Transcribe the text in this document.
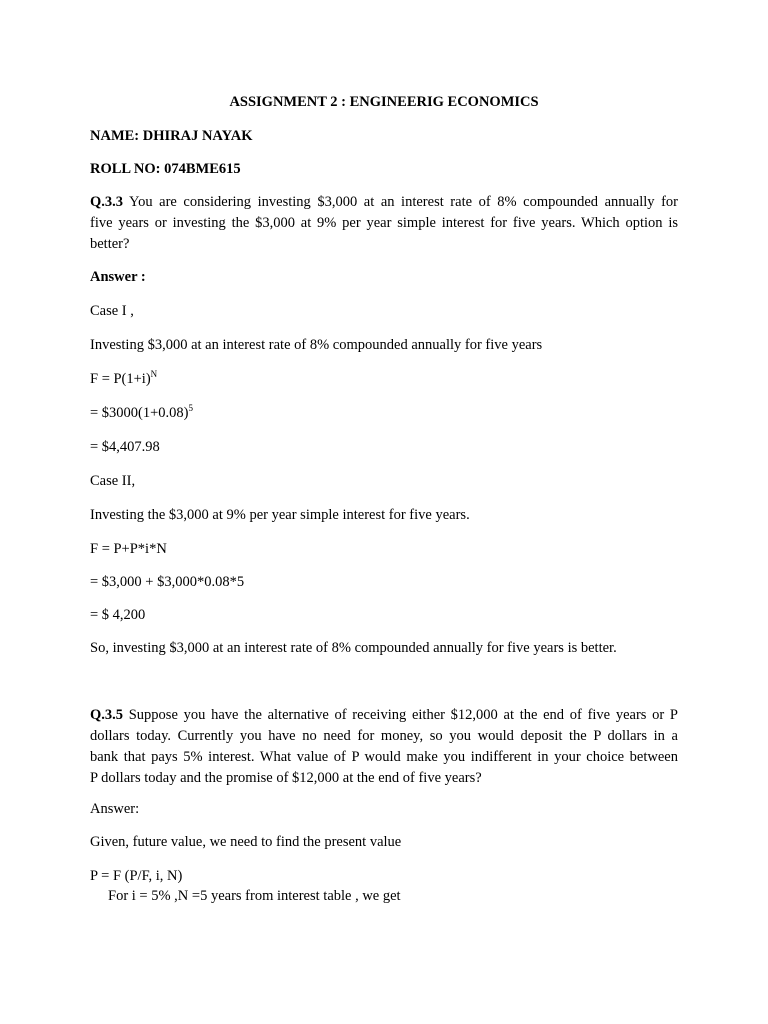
ASSIGNMENT 2 : ENGINEERIG ECONOMICS
NAME: DHIRAJ NAYAK
ROLL NO: 074BME615
Q.3.3 You are considering investing $3,000 at an interest rate of 8% compounded annually for
five years or investing the $3,000 at 9% per year simple interest for five years. Which option is
better?
Answer :
Case I ,
Investing $3,000 at an interest rate of 8% compounded annually for five years
$F = P(1+i)^N$
= $\$3000(1+0.08)^5$
= $4,407.98
Case II,
Investing the $3,000 at 9% per year simple interest for five years.
F = P+P*i*N
= $3,000 + $3,000*0.08*5
= $ 4,200
So, investing $3,000 at an interest rate of 8% compounded annually for five years is better.
Q.3.5 Suppose you have the alternative of receiving either $12,000 at the end of five years or P
dollars today. Currently you have no need for money, so you would deposit the P dollars in a
bank that pays 5% interest. What value of P would make you indifferent in your choice between
P dollars today and the promise of $12,000 at the end of five years?
Answer:
Given, future value, we need to find the present value
P = F (P/F, i, N)
For i = 5% ,N =5 years from interest table , we get
